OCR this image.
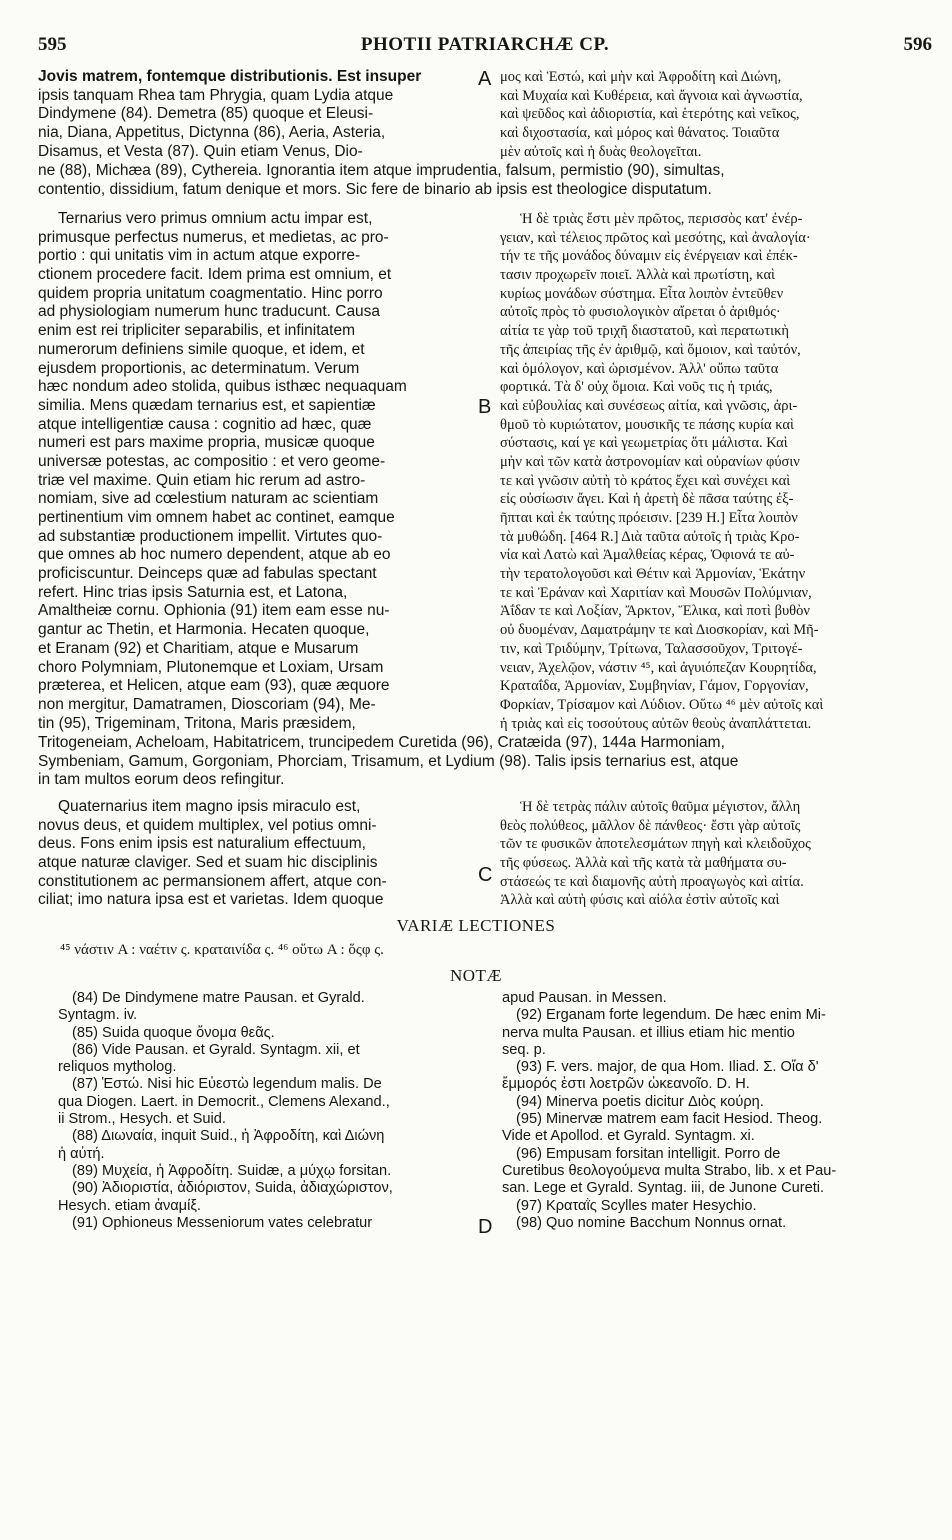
595	PHOTII PATRIARCHÆ CP.	596
A
B
C
D
Jovis matrem, fontemque distributionis. Est insuper
ipsis tanquam Rhea tam Phrygia, quam Lydia atque
Dindymene (84). Demetra (85) quoque et Eleusi-
nia, Diana, Appetitus, Dictynna (86), Aeria, Asteria,
Disamus, et Vesta (87). Quin etiam Venus, Dio-
μος καὶ Ἑστώ, καὶ μὴν καὶ Ἀφροδίτη καὶ Διώνη,
καὶ Μυχαία καὶ Κυθέρεια, καὶ ἄγνοια καὶ ἀγνωστία,
καὶ ψεῦδος καὶ ἀδιοριστία, καὶ ἑτερότης καὶ νεῖκος,
καὶ διχοστασία, καὶ μόρος καὶ θάνατος. Τοιαῦτα
μὲν αὐτοῖς καὶ ἡ δυὰς θεολογεῖται.
ne (88), Michæa (89), Cythereia. Ignorantia item atque imprudentia, falsum, permistio (90), simultas,
contentio, dissidium, fatum denique et mors. Sic fere de binario ab ipsis est theologice disputatum.
Ternarius vero primus omnium actu impar est,
primusque perfectus numerus, et medietas, ac pro-
portio : qui unitatis vim in actum atque exporre-
ctionem procedere facit. Idem prima est omnium, et
quidem propria unitatum coagmentatio. Hinc porro
ad physiologiam numerum hunc traducunt. Causa
enim est rei tripliciter separabilis, et infinitatem
numerorum definiens simile quoque, et idem, et
ejusdem proportionis, ac determinatum. Verum
hæc nondum adeo stolida, quibus isthæc nequaquam
similia. Mens quædam ternarius est, et sapientiæ
atque intelligentiæ causa : cognitio ad hæc, quæ
numeri est pars maxime propria, musicæ quoque
universæ potestas, ac compositio : et vero geome-
triæ vel maxime. Quin etiam hic rerum ad astro-
nomiam, sive ad cœlestium naturam ac scientiam
pertinentium vim omnem habet ac continet, eamque
ad substantiæ productionem impellit. Virtutes quo-
que omnes ab hoc numero dependent, atque ab eo
proficiscuntur. Deinceps quæ ad fabulas spectant
refert. Hinc trias ipsis Saturnia est, et Latona,
Amaltheiæ cornu. Ophionia (91) item eam esse nu-
gantur ac Thetin, et Harmonia. Hecaten quoque,
et Eranam (92) et Charitiam, atque e Musarum
choro Polymniam, Plutonemque et Loxiam, Ursam
præterea, et Helicen, atque eam (93), quæ æquore
non mergitur, Damatramen, Dioscoriam (94), Me-
tin (95), Trigeminam, Tritona, Maris præsidem,
Ἡ δὲ τριὰς ἔστι μὲν πρῶτος, περισσὸς κατ' ἐνέρ-
γειαν, καὶ τέλειος πρῶτος καὶ μεσότης, καὶ ἀναλογία·
τήν τε τῆς μονάδος δύναμιν εἰς ἐνέργειαν καὶ ἐπέκ-
τασιν προχωρεῖν ποιεῖ. Ἀλλὰ καὶ πρωτίστη, καὶ
κυρίως μονάδων σύστημα. Εἶτα λοιπὸν ἐντεῦθεν
αὐτοῖς πρὸς τὸ φυσιολογικὸν αἴρεται ὁ ἀριθμός·
αἰτία τε γὰρ τοῦ τριχῆ διαστατοῦ, καὶ περατωτικὴ
τῆς ἀπειρίας τῆς ἐν ἀριθμῷ, καὶ ὅμοιον, καὶ ταὐτόν,
καὶ ὁμόλογον, καὶ ὡρισμένον. Ἀλλ' οὔπω ταῦτα
φορτικά. Τὰ δ' οὐχ ὅμοια. Καὶ νοῦς τις ἡ τριάς,
καὶ εὐβουλίας καὶ συνέσεως αἰτία, καὶ γνῶσις, ἀρι-
θμοῦ τὸ κυριώτατον, μουσικῆς τε πάσης κυρία καὶ
σύστασις, καί γε καὶ γεωμετρίας ὅτι μάλιστα. Καὶ
μὴν καὶ τῶν κατὰ ἀστρονομίαν καὶ οὐρανίων φύσιν
τε καὶ γνῶσιν αὐτὴ τὸ κράτος ἔχει καὶ συνέχει καὶ
εἰς οὐσίωσιν ἄγει. Καὶ ἡ ἀρετὴ δὲ πᾶσα ταύτης ἐξ-
ῆπται καὶ ἐκ ταύτης πρόεισιν. [239 H.] Εἶτα λοιπὸν
τὰ μυθώδη. [464 R.] Διὰ ταῦτα αὐτοῖς ἡ τριὰς Κρο-
νία καὶ Λατὼ καὶ Ἀμαλθείας κέρας, Ὀφιονά τε αὐ-
τὴν τερατολογοῦσι καὶ Θέτιν καὶ Ἁρμονίαν, Ἑκάτην
τε καὶ Ἐράναν καὶ Χαριτίαν καὶ Μουσῶν Πολύμνιαν,
Ἀΐδαν τε καὶ Λοξίαν, Ἄρκτον, Ἕλικα, καὶ ποτὶ βυθὸν
οὐ δυομέναν, Δαματράμην τε καὶ Διοσκορίαν, καὶ Μῆ-
τιν, καὶ Τριδύμην, Τρίτωνα, Ταλασσοῦχον, Τριτογέ-
νειαν, Ἀχελῷον, νάστιν ⁴⁵, καὶ ἀγυιόπεζαν Κουρητίδα,
Κραταΐδα, Ἁρμονίαν, Συμβηνίαν, Γάμον, Γοργονίαν,
Φορκίαν, Τρίσαμον καὶ Λύδιον. Οὕτω ⁴⁶ μὲν αὐτοῖς καὶ
ἡ τριὰς καὶ εἰς τοσούτους αὐτῶν θεοὺς ἀναπλάττεται.
Tritogeneiam, Acheloam, Habitatricem, truncipedem Curetida (96), Cratæida (97), 144a Harmoniam,
Symbeniam, Gamum, Gorgoniam, Phorciam, Trisamum, et Lydium (98). Talis ipsis ternarius est, atque
in tam multos eorum deos refingitur.
Quaternarius item magno ipsis miraculo est,
novus deus, et quidem multiplex, vel potius omni-
deus. Fons enim ipsis est naturalium effectuum,
atque naturæ claviger. Sed et suam hic disciplinis
constitutionem ac permansionem affert, atque con-
ciliat; imo natura ipsa est et varietas. Idem quoque
Ἡ δὲ τετρὰς πάλιν αὐτοῖς θαῦμα μέγιστον, ἄλλη
θεὸς πολύθεος, μᾶλλον δὲ πάνθεος· ἔστι γὰρ αὐτοῖς
τῶν τε φυσικῶν ἀποτελεσμάτων πηγὴ καὶ κλειδοῦχος
τῆς φύσεως. Ἀλλὰ καὶ τῆς κατὰ τὰ μαθήματα συ-
στάσεώς τε καὶ διαμονῆς αὐτὴ προαγωγὸς καὶ αἰτία.
Ἀλλὰ καὶ αὐτὴ φύσις καὶ αἰόλα ἐστὶν αὐτοῖς καὶ
VARIÆ LECTIONES
⁴⁵ νάστιν A : ναέτιν ς. κραταινίδα ς. ⁴⁶ οὕτω A : ὅςφ ς.
NOTÆ
(84) De Dindymene matre Pausan. et Gyrald.
Syntagm. iv.
(85) Suida quoque ὄνομα θεᾶς.
(86) Vide Pausan. et Gyrald. Syntagm. xii, et
reliquos mytholog.
(87) Ἑστώ. Nisi hic Εὐεστὼ legendum malis. De
qua Diogen. Laert. in Democrit., Clemens Alexand.,
ii Strom., Hesych. et Suid.
(88) Διωναία, inquit Suid., ἡ Ἀφροδίτη, καὶ Διώνη
ἡ αὐτή.
(89) Μυχεία, ἡ Ἀφροδίτη. Suidæ, a μύχῳ forsitan.
(90) Ἀδιοριστία, ἀδιόριστον, Suida, ἀδιαχώριστον,
Hesych. etiam ἀναμίξ.
(91) Ophioneus Messeniorum vates celebratur
apud Pausan. in Messen.
(92) Erganam forte legendum. De hæc enim Mi-
nerva multa Pausan. et illius etiam hic mentio
seq. p.
(93) F. vers. major, de qua Hom. Iliad. Σ. Οἴα δ'
ἔμμορός ἐστι λοετρῶν ὠκεανοῖο. D. H.
(94) Minerva poetis dicitur Διὸς κούρη.
(95) Minervæ matrem eam facit Hesiod. Theog.
Vide et Apollod. et Gyrald. Syntagm. xi.
(96) Empusam forsitan intelligit. Porro de
Curetibus θεολογούμενα multa Strabo, lib. x et Pau-
san. Lege et Gyrald. Syntag. iii, de Junone Cureti.
(97) Κραταῒς Scylles mater Hesychio.
(98) Quo nomine Bacchum Nonnus ornat.
